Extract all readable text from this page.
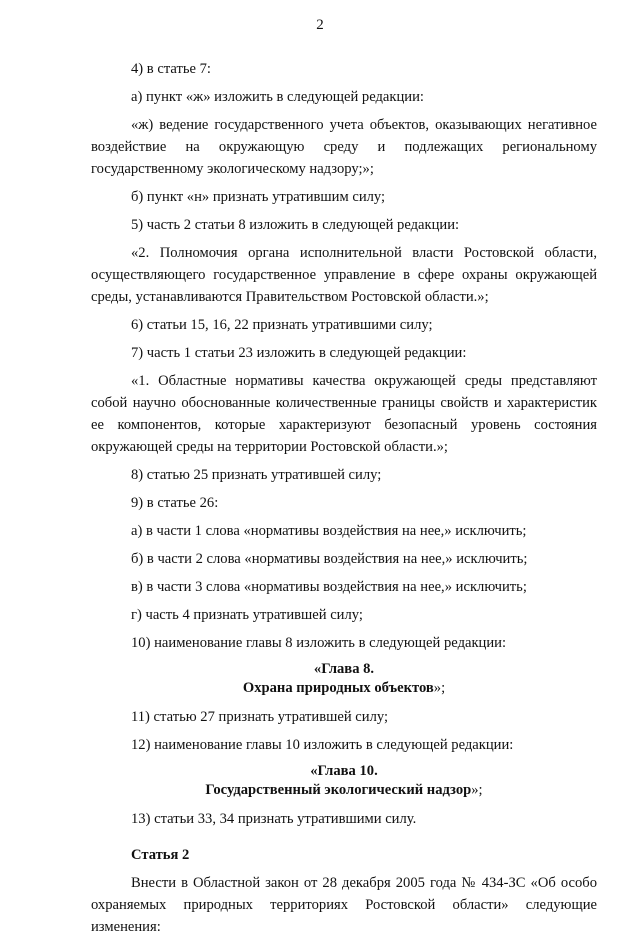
2

4) в статье 7:

а) пункт «ж» изложить в следующей редакции:

«ж) ведение государственного учета объектов, оказывающих негативное воздействие на окружающую среду и подлежащих региональному государственному экологическому надзору;»;

б) пункт «н» признать утратившим силу;

5) часть 2 статьи 8 изложить в следующей редакции:

«2. Полномочия органа исполнительной власти Ростовской области, осуществляющего государственное управление в сфере охраны окружающей среды, устанавливаются Правительством Ростовской области.»;

6) статьи 15, 16, 22 признать утратившими силу;

7) часть 1 статьи 23 изложить в следующей редакции:

«1. Областные нормативы качества окружающей среды представляют собой научно обоснованные количественные границы свойств и характеристик ее компонентов, которые характеризуют безопасный уровень состояния окружающей среды на территории Ростовской области.»;

8) статью 25 признать утратившей силу;

9) в статье 26:

а) в части 1 слова «нормативы воздействия на нее,» исключить;

б) в части 2 слова «нормативы воздействия на нее,» исключить;

в) в части 3 слова «нормативы воздействия на нее,» исключить;

г) часть 4 признать утратившей силу;

10) наименование главы 8 изложить в следующей редакции:

«Глава 8.

Охрана природных объектов»;

11) статью 27 признать утратившей силу;

12) наименование главы 10 изложить в следующей редакции:

«Глава 10.

Государственный экологический надзор»;

13) статьи 33, 34 признать утратившими силу.

Статья 2

Внести в Областной закон от 28 декабря 2005 года № 434-ЗС «Об особо охраняемых природных территориях Ростовской области» следующие изменения:
